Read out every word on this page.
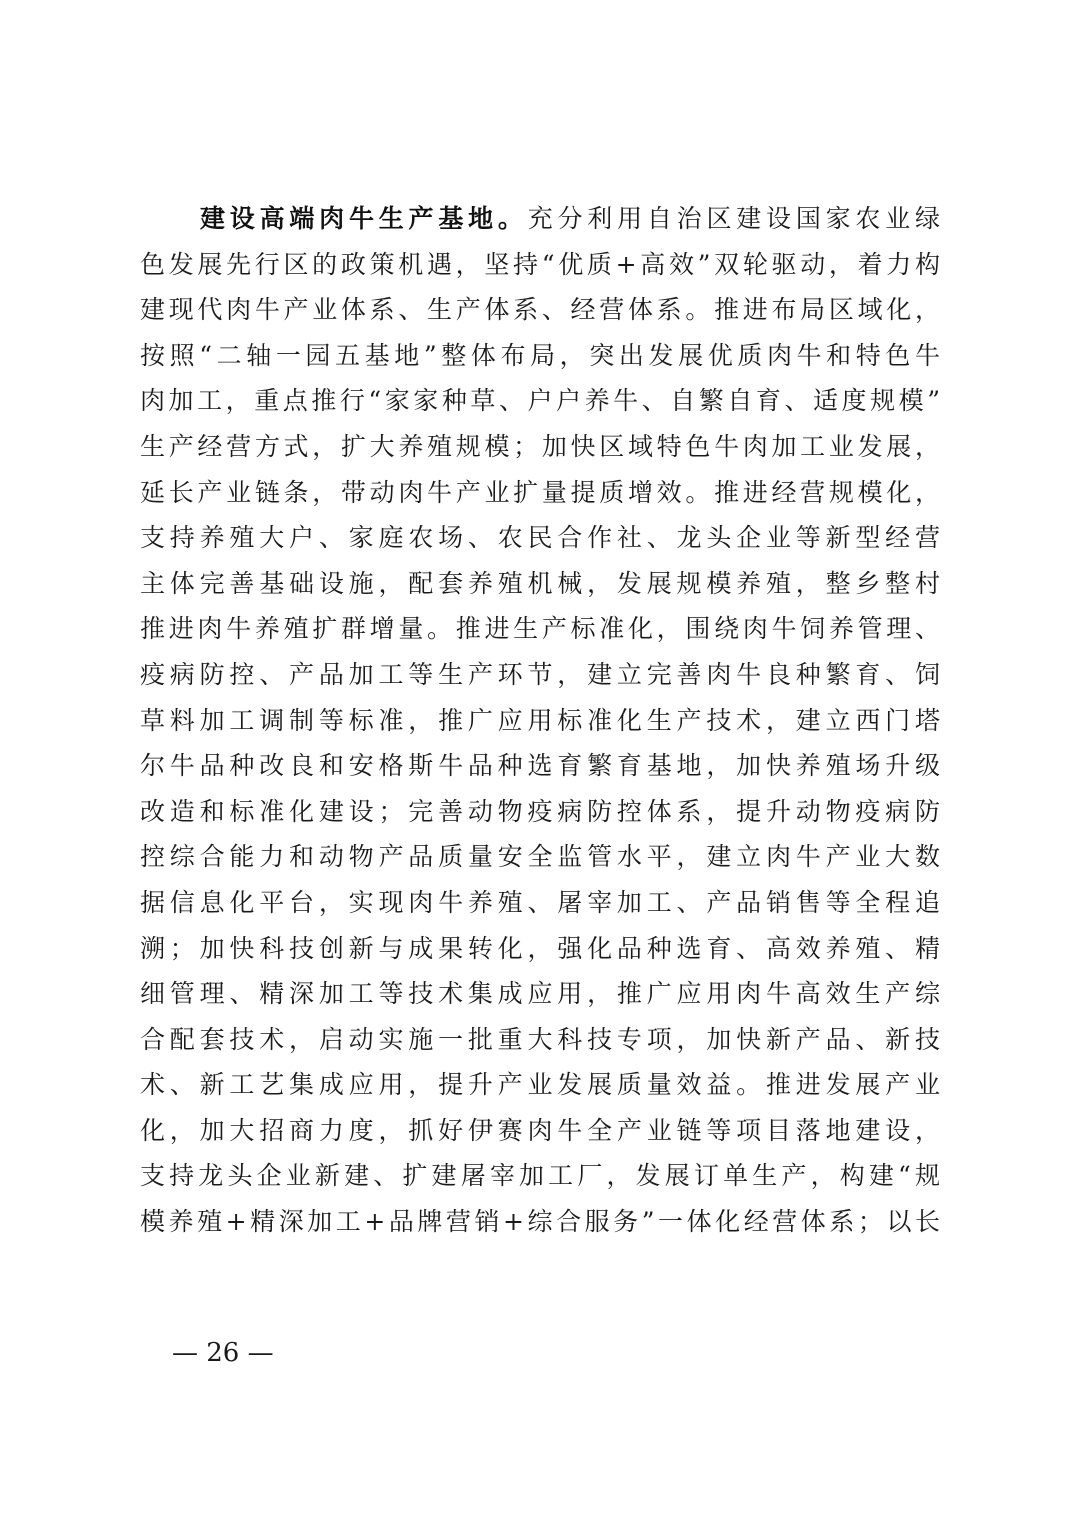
建设高端肉牛生产基地。充分利用自治区建设国家农业绿
色发展先行区的政策机遇，坚持“优质+高效”双轮驱动，着力构
建现代肉牛产业体系、生产体系、经营体系。推进布局区域化，
按照“二轴一园五基地”整体布局，突出发展优质肉牛和特色牛
肉加工，重点推行“家家种草、户户养牛、自繁自育、适度规模”
生产经营方式，扩大养殖规模；加快区域特色牛肉加工业发展，
延长产业链条，带动肉牛产业扩量提质增效。推进经营规模化，
支持养殖大户、家庭农场、农民合作社、龙头企业等新型经营
主体完善基础设施，配套养殖机械，发展规模养殖，整乡整村
推进肉牛养殖扩群增量。推进生产标准化，围绕肉牛饲养管理、
疫病防控、产品加工等生产环节，建立完善肉牛良种繁育、饲
草料加工调制等标准，推广应用标准化生产技术，建立西门塔
尔牛品种改良和安格斯牛品种选育繁育基地，加快养殖场升级
改造和标准化建设；完善动物疫病防控体系，提升动物疫病防
控综合能力和动物产品质量安全监管水平，建立肉牛产业大数
据信息化平台，实现肉牛养殖、屠宰加工、产品销售等全程追
溯；加快科技创新与成果转化，强化品种选育、高效养殖、精
细管理、精深加工等技术集成应用，推广应用肉牛高效生产综
合配套技术，启动实施一批重大科技专项，加快新产品、新技
术、新工艺集成应用，提升产业发展质量效益。推进发展产业
化，加大招商力度，抓好伊赛肉牛全产业链等项目落地建设，
支持龙头企业新建、扩建屠宰加工厂，发展订单生产，构建“规
模养殖+精深加工+品牌营销+综合服务”一体化经营体系；以长
— 26 —
